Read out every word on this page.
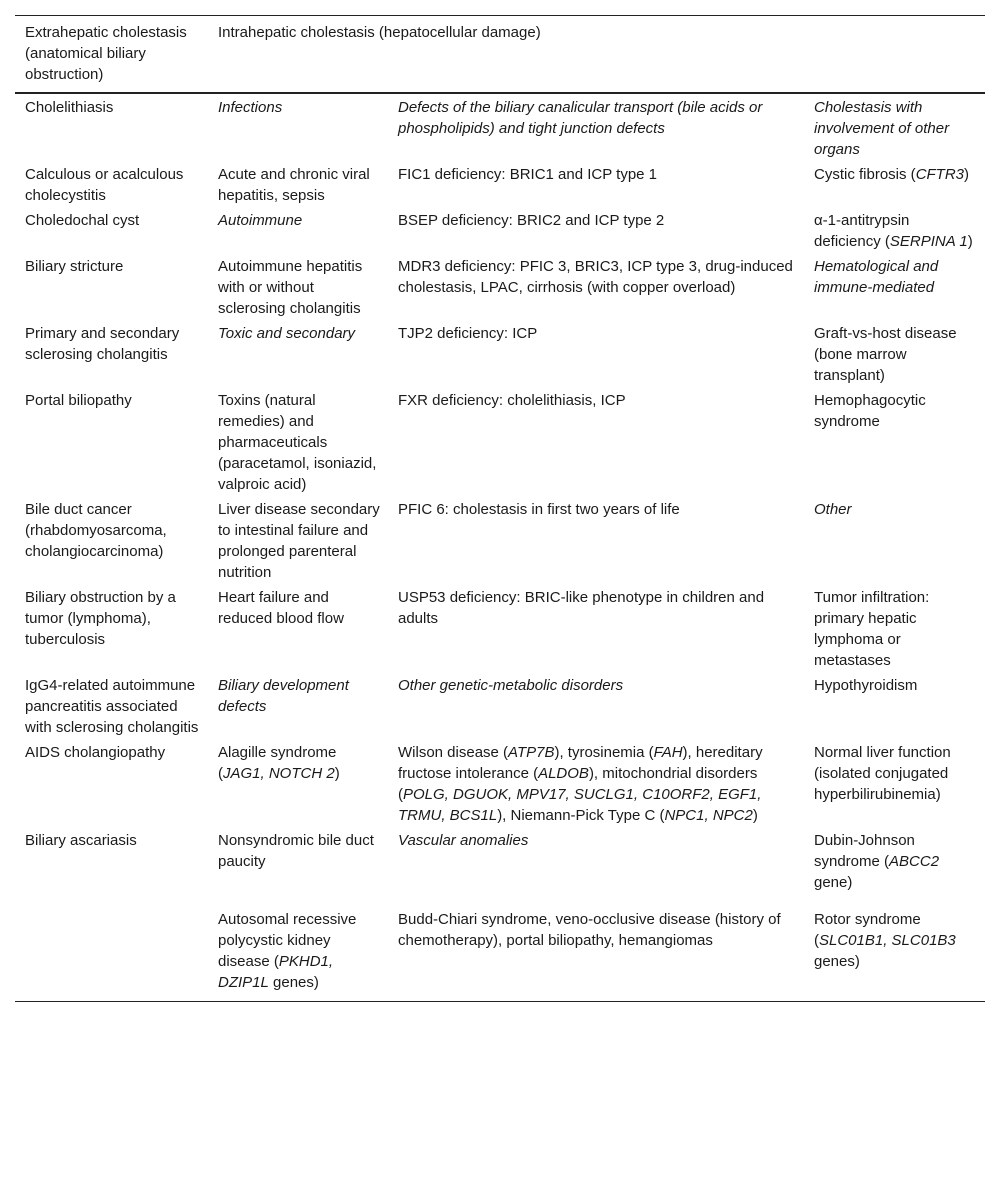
Extrahepatic cholestasis (anatomical biliary obstruction)	Intrahepatic cholestasis (hepatocellular damage)		
Cholelithiasis	Infections	Defects of the biliary canalicular transport (bile acids or phospholipids) and tight junction defects	Cholestasis with involvement of other organs
Calculous or acalculous cholecystitis	Acute and chronic viral hepatitis, sepsis	FIC1 deficiency: BRIC1 and ICP type 1	Cystic fibrosis (CFTR3)
Choledochal cyst	Autoimmune	BSEP deficiency: BRIC2 and ICP type 2	α-1-antitrypsin deficiency (SERPINA 1)
Biliary stricture	Autoimmune hepatitis with or without sclerosing cholangitis	MDR3 deficiency: PFIC 3, BRIC3, ICP type 3, drug-induced cholestasis, LPAC, cirrhosis (with copper overload)	Hematological and immune-mediated
Primary and secondary sclerosing cholangitis	Toxic and secondary	TJP2 deficiency: ICP	Graft-vs-host disease (bone marrow transplant)
Portal biliopathy	Toxins (natural remedies) and pharmaceuticals (paracetamol, isoniazid, valproic acid)	FXR deficiency: cholelithiasis, ICP	Hemophagocytic syndrome
Bile duct cancer (rhabdomyosarcoma, cholangiocarcinoma)	Liver disease secondary to intestinal failure and prolonged parenteral nutrition	PFIC 6: cholestasis in first two years of life	Other
Biliary obstruction by a tumor (lymphoma), tuberculosis	Heart failure and reduced blood flow	USP53 deficiency: BRIC-like phenotype in children and adults	Tumor infiltration: primary hepatic lymphoma or metastases
IgG4-related autoimmune pancreatitis associated with sclerosing cholangitis	Biliary development defects	Other genetic-metabolic disorders	Hypothyroidism
AIDS cholangiopathy	Alagille syndrome (JAG1, NOTCH 2)	Wilson disease (ATP7B), tyrosinemia (FAH), hereditary fructose intolerance (ALDOB), mitochondrial disorders (POLG, DGUOK, MPV17, SUCLG1, C10ORF2, EGF1, TRMU, BCS1L), Niemann-Pick Type C (NPC1, NPC2)	Normal liver function (isolated conjugated hyperbilirubinemia)
Biliary ascariasis	Nonsyndromic bile duct paucity	Vascular anomalies	Dubin-Johnson syndrome (ABCC2 gene)

	Autosomal recessive polycystic kidney disease (PKHD1, DZIP1L genes)	Budd-Chiari syndrome, veno-occlusive disease (history of chemotherapy), portal biliopathy, hemangiomas	Rotor syndrome (SLC01B1, SLC01B3 genes)
